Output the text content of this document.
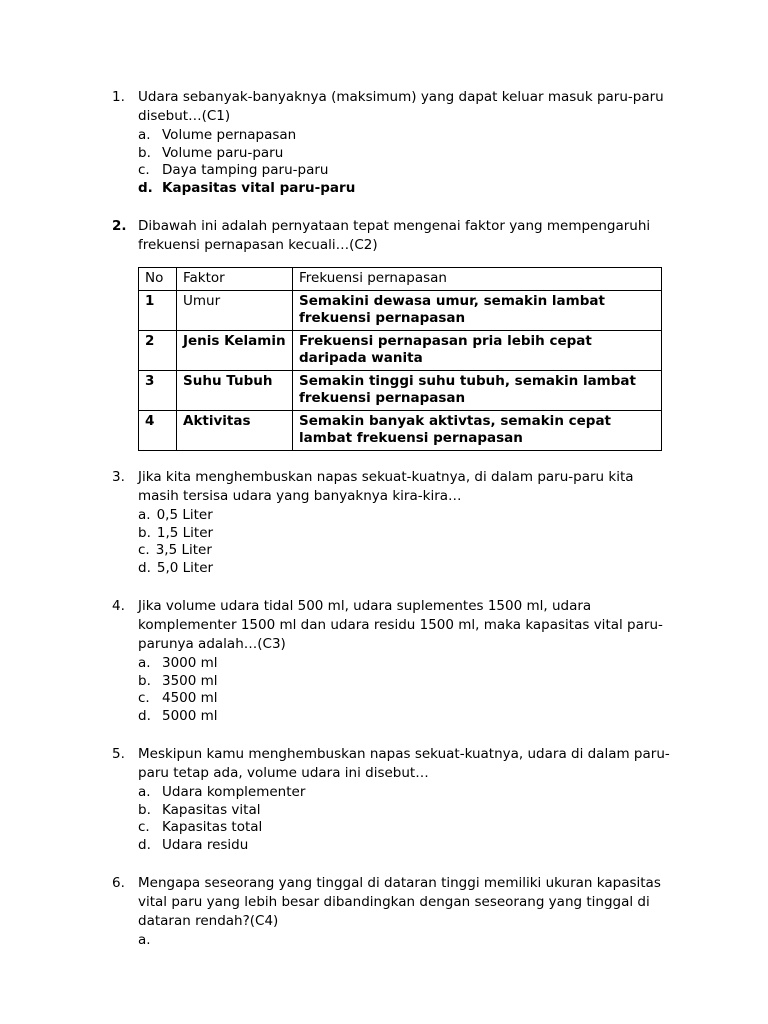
1. Udara sebanyak-banyaknya (maksimum) yang dapat keluar masuk paru-paru disebut…(C1)

a. Volume pernapasan
b. Volume paru-paru
c. Daya tamping paru-paru
d. Kapasitas vital paru-paru
2. Dibawah ini adalah pernyataan tepat mengenai faktor yang mempengaruhi frekuensi pernapasan kecuali…(C2)

No	Faktor	Frekuensi pernapasan
1	Umur	Semakini dewasa umur, semakin lambat frekuensi pernapasan
2	Jenis Kelamin	Frekuensi pernapasan pria lebih cepat daripada wanita
3	Suhu Tubuh	Semakin tinggi suhu tubuh, semakin lambat frekuensi pernapasan
4	Aktivitas	Semakin banyak aktivtas, semakin cepat lambat frekuensi pernapasan
3. Jika kita menghembuskan napas sekuat-kuatnya, di dalam paru-paru kita masih tersisa udara yang banyaknya kira-kira…

a. 0,5 Liter
b. 1,5 Liter
c. 3,5 Liter
d. 5,0 Liter
4. Jika volume udara tidal 500 ml, udara suplementes 1500 ml, udara komplementer 1500 ml dan udara residu 1500 ml, maka kapasitas vital paru-parunya adalah…(C3)

a. 3000 ml
b. 3500 ml
c. 4500 ml
d. 5000 ml
5. Meskipun kamu menghembuskan napas sekuat-kuatnya, udara di dalam paru-paru tetap ada, volume udara ini disebut…

a. Udara komplementer
b. Kapasitas vital
c. Kapasitas total
d. Udara residu
6. Mengapa seseorang yang tinggal di dataran tinggi memiliki ukuran kapasitas vital paru yang lebih besar dibandingkan dengan seseorang yang tinggal di dataran rendah?(C4)

a.
